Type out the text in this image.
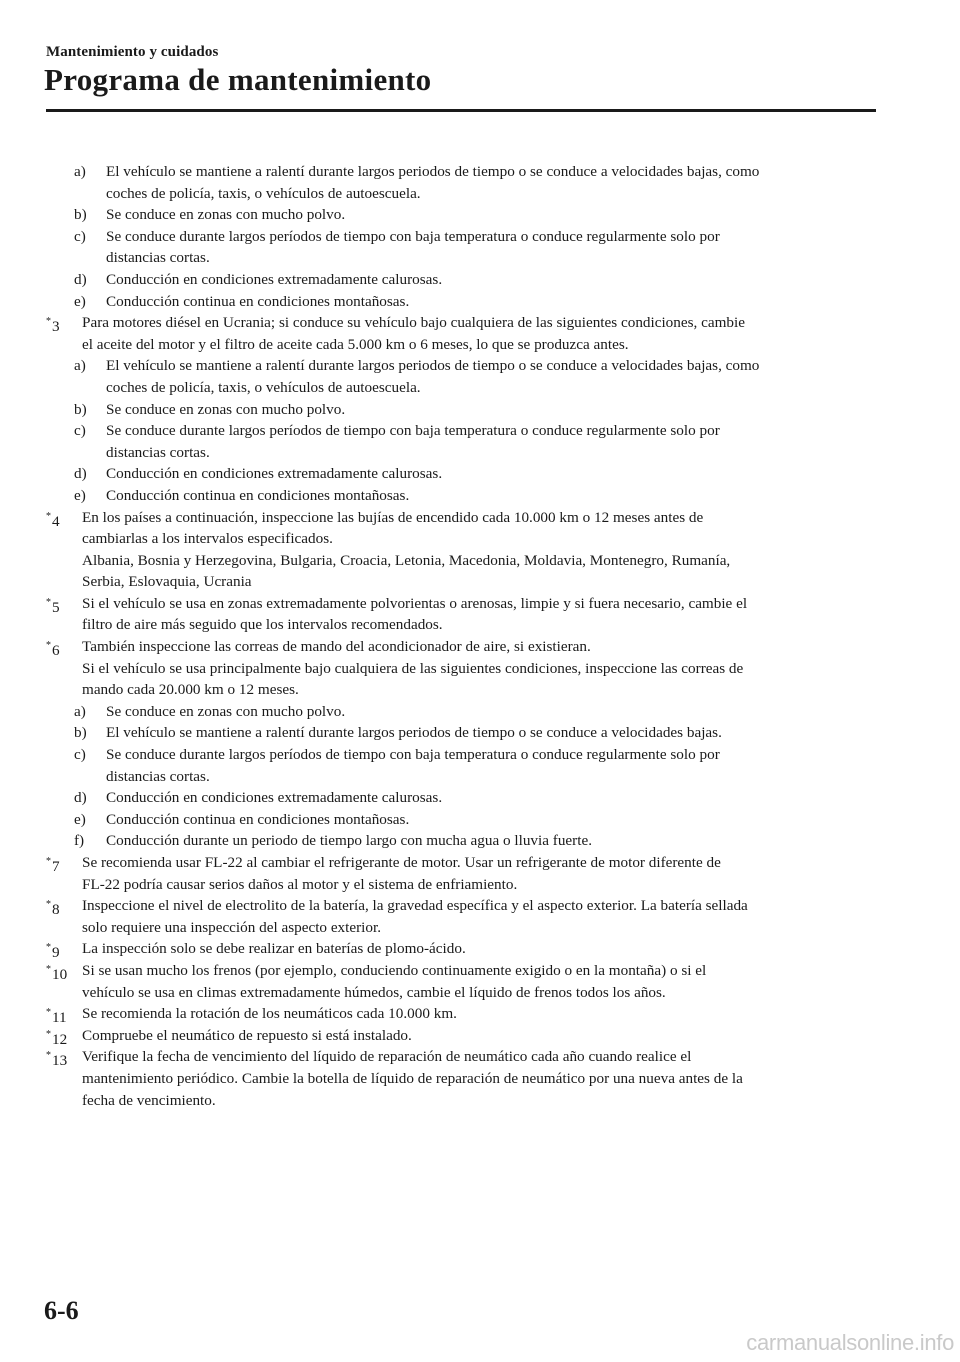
Mantenimiento y cuidados
Programa de mantenimiento
a) El vehículo se mantiene a ralentí durante largos periodos de tiempo o se conduce a velocidades bajas, como
coches de policía, taxis, o vehículos de autoescuela.
b) Se conduce en zonas con mucho polvo.
c) Se conduce durante largos períodos de tiempo con baja temperatura o conduce regularmente solo por
distancias cortas.
d) Conducción en condiciones extremadamente calurosas.
e) Conducción continua en condiciones montañosas.
*3 Para motores diésel en Ucrania; si conduce su vehículo bajo cualquiera de las siguientes condiciones, cambie
el aceite del motor y el filtro de aceite cada 5.000 km o 6 meses, lo que se produzca antes.
a) El vehículo se mantiene a ralentí durante largos periodos de tiempo o se conduce a velocidades bajas, como
coches de policía, taxis, o vehículos de autoescuela.
b) Se conduce en zonas con mucho polvo.
c) Se conduce durante largos períodos de tiempo con baja temperatura o conduce regularmente solo por
distancias cortas.
d) Conducción en condiciones extremadamente calurosas.
e) Conducción continua en condiciones montañosas.
*4 En los países a continuación, inspeccione las bujías de encendido cada 10.000 km o 12 meses antes de
cambiarlas a los intervalos especificados.
Albania, Bosnia y Herzegovina, Bulgaria, Croacia, Letonia, Macedonia, Moldavia, Montenegro, Rumanía,
Serbia, Eslovaquia, Ucrania
*5 Si el vehículo se usa en zonas extremadamente polvorientas o arenosas, limpie y si fuera necesario, cambie el
filtro de aire más seguido que los intervalos recomendados.
*6 También inspeccione las correas de mando del acondicionador de aire, si existieran.
Si el vehículo se usa principalmente bajo cualquiera de las siguientes condiciones, inspeccione las correas de
mando cada 20.000 km o 12 meses.
a) Se conduce en zonas con mucho polvo.
b) El vehículo se mantiene a ralentí durante largos periodos de tiempo o se conduce a velocidades bajas.
c) Se conduce durante largos períodos de tiempo con baja temperatura o conduce regularmente solo por
distancias cortas.
d) Conducción en condiciones extremadamente calurosas.
e) Conducción continua en condiciones montañosas.
f) Conducción durante un periodo de tiempo largo con mucha agua o lluvia fuerte.
*7 Se recomienda usar FL-22 al cambiar el refrigerante de motor. Usar un refrigerante de motor diferente de
FL-22 podría causar serios daños al motor y el sistema de enfriamiento.
*8 Inspeccione el nivel de electrolito de la batería, la gravedad específica y el aspecto exterior. La batería sellada
solo requiere una inspección del aspecto exterior.
*9 La inspección solo se debe realizar en baterías de plomo-ácido.
*10 Si se usan mucho los frenos (por ejemplo, conduciendo continuamente exigido o en la montaña) o si el
vehículo se usa en climas extremadamente húmedos, cambie el líquido de frenos todos los años.
*11 Se recomienda la rotación de los neumáticos cada 10.000 km.
*12 Compruebe el neumático de repuesto si está instalado.
*13 Verifique la fecha de vencimiento del líquido de reparación de neumático cada año cuando realice el
mantenimiento periódico. Cambie la botella de líquido de reparación de neumático por una nueva antes de la
fecha de vencimiento.
6-6
carmanualsonline.info
